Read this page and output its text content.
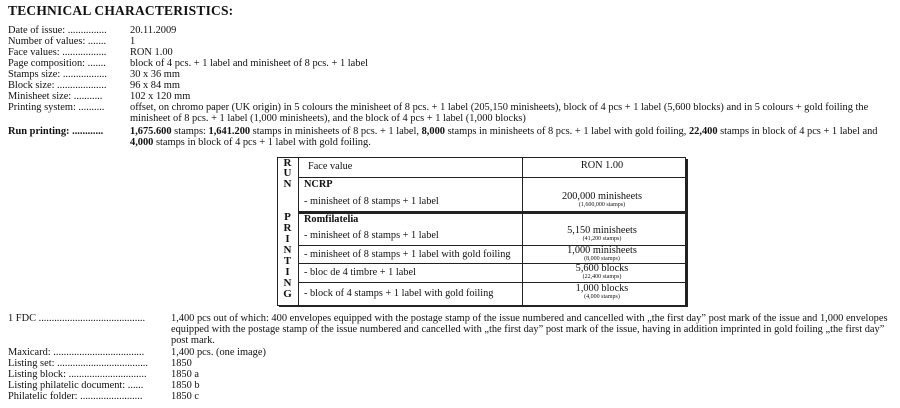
TECHNICAL CHARACTERISTICS:
Date of issue: ............... 20.11.2009
Number of values: ....... 1
Face values: ................. RON 1.00
Page composition: ....... block of 4 pcs. + 1 label and minisheet of 8 pcs. + 1 label
Stamps size: ................. 30 x 36 mm
Block size: ................... 96 x 84 mm
Minisheet size: ...........	102 x 120 mm
Printing system: .......... offset, on chromo paper (UK origin) in 5 colours the minisheet of 8 pcs. + 1 label (205,150 minisheets), block of 4 pcs + 1 label (5,600 blocks) and in 5 colours + gold foiling the minisheet of 8 pcs. + 1 label (1,000 minisheets), and the block of 4 pcs + 1 label (1,000 blocks)
Run printing: ............	1,675.600 stamps: 1,641.200 stamps in minisheets of 8 pcs. + 1 label, 8,000 stamps in minisheets of 8 pcs. + 1 label with gold foiling, 22,400 stamps in block of 4 pcs + 1 label and 4,000 stamps in block of 4 pcs + 1 label with gold foiling.
R
U
N
P
R
I
N
T
I
N
G
Face value	RON 1.00
NCRP
- minisheet of 8 stamps + 1 label	200,000 minisheets
(1,600,000 stamps)
Romfilatelia
- minisheet of 8 stamps + 1 label	5,150 minisheets
(41,200 stamps)
- minisheet of 8 stamps + 1 label with gold foiling	1,000 minisheets
(8,000 stamps)
- bloc de 4 timbre + 1 label	5,600 blocks
(22,400 stamps)
- block of 4 stamps + 1 label with gold foiling	1,000 blocks
(4,000 stamps)
1 FDC ......................................... 1,400 pcs out of which: 400 envelopes equipped with the postage stamp of the issue numbered and cancelled with „the first day” post mark of the issue and 1,000 envelopes equipped with the postage stamp of the issue numbered and cancelled with „the first day” post mark of the issue, having in addition imprinted in gold foiling „the first day” post mark.
Maxicard: ...................................	1,400 pcs. (one image)
Listing set: ................................... 1850
Listing block: .............................. 1850 a
Listing philatelic document: ......	1850 b
Philatelic folder: ........................	1850 c
